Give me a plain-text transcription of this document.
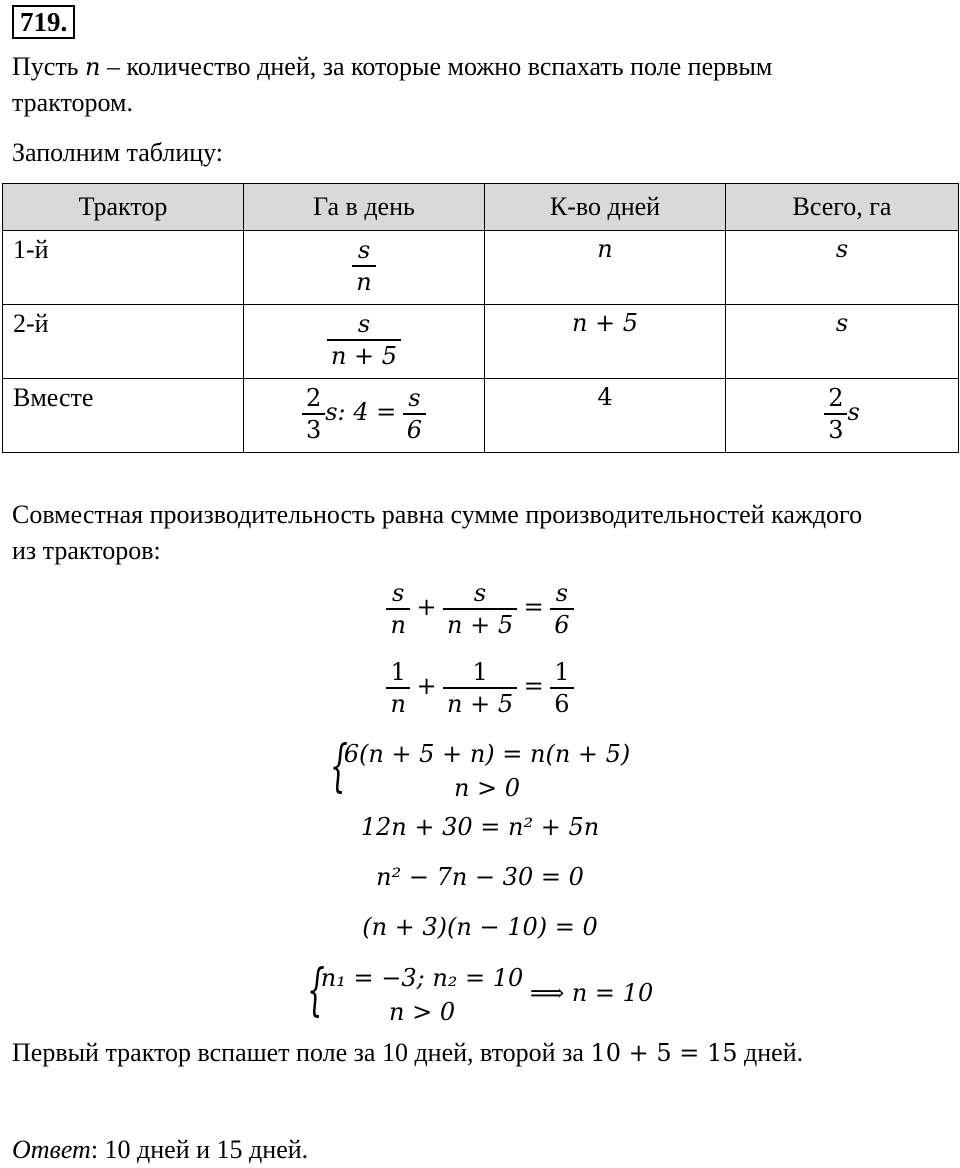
719.
Пусть n – количество дней, за которые можно вспахать поле первым
трактором.
Заполним таблицу:
Трактор	Га в день	К-во дней	Всего, га
1-й	$\frac{s}{n}$	n	s
2-й	$\frac{s}{n + 5}$	n + 5	s
Вместе	$\frac{2}{3} s$: $4 = \frac{s}{6}$	4	$\frac{2}{3}$ s
Совместная производительность равна сумме производительностей каждого
из тракторов:
$\frac{s}{n} + \frac{s}{n + 5} = \frac{s}{6}$
$\frac{1}{n} + \frac{1}{n + 5} = \frac{1}{6}$
{
6(n + 5 + n) = n(n + 5)
n > 0
12n + 30 = n² + 5n
n² − 7n − 30 = 0
(n + 3)(n − 10) = 0
{
n₁ = −3; n₂ = 10
n > 0
⟹ n = 10
Первый трактор вспашет поле за 10 дней, второй за 10 + 5 = 15 дней.
Ответ: 10 дней и 15 дней.
